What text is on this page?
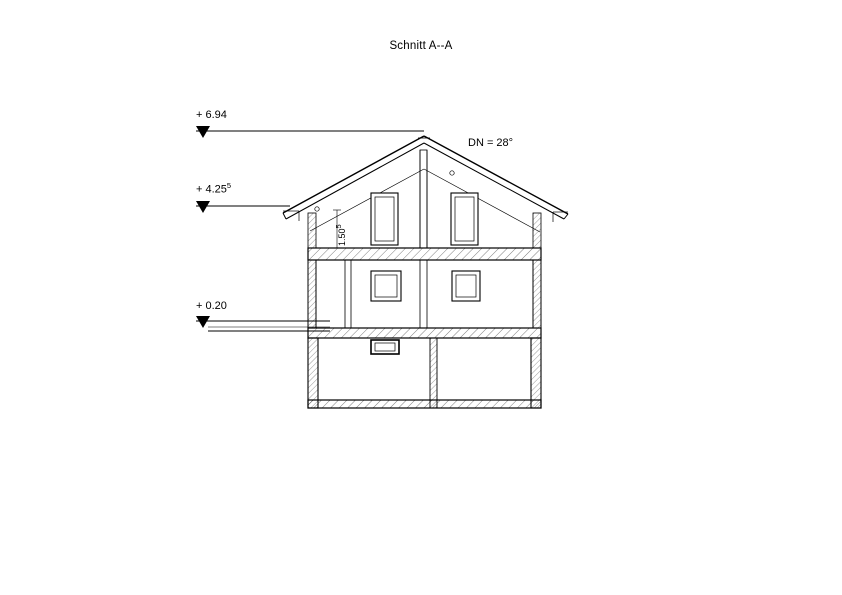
Schnitt A--A
+ 6.94
+ $4.25^5$
+ 0.20
DN = 28°
1.50$^5$
